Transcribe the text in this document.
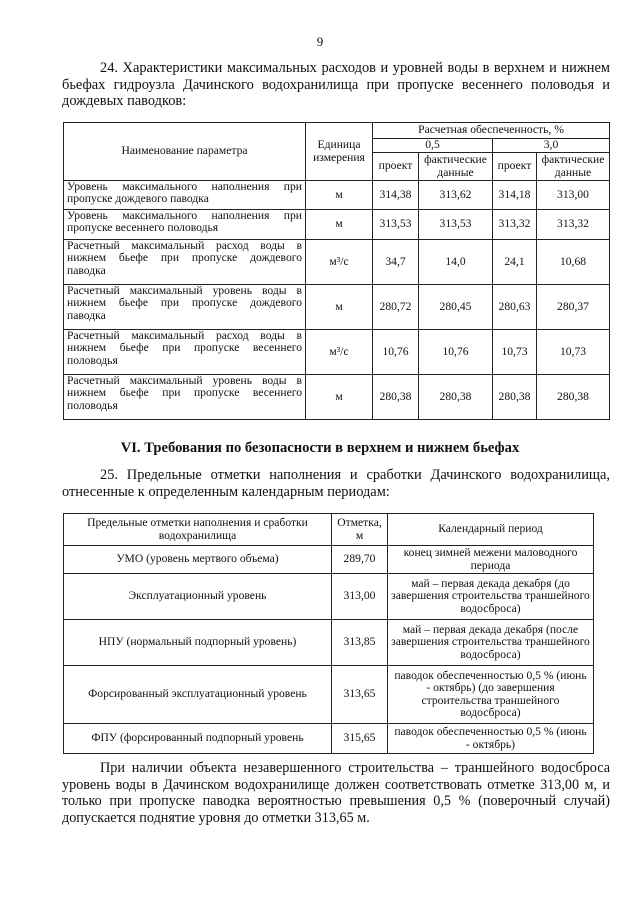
9
24. Характеристики максимальных расходов и уровней воды в верхнем и нижнем бьефах гидроузла Дачинского водохранилища при пропуске весеннего половодья и дождевых паводков:
Наименование параметра	Единица измерения	Расчетная обеспеченность, %			
		0,5		3,0	
		проект	фактические данные	проект	фактические данные
Уровень максимального наполнения при пропуске дождевого паводка	м	314,38	313,62	314,18	313,00
Уровень максимального наполнения при пропуске весеннего половодья	м	313,53	313,53	313,32	313,32
Расчетный максимальный расход воды в нижнем бьефе при пропуске дождевого паводка	м³/с	34,7	14,0	24,1	10,68
Расчетный максимальный уровень воды в нижнем бьефе при пропуске дождевого паводка	м	280,72	280,45	280,63	280,37
Расчетный максимальный расход воды в нижнем бьефе при пропуске весеннего половодья	м³/с	10,76	10,76	10,73	10,73
Расчетный максимальный уровень воды в нижнем бьефе при пропуске весеннего половодья	м	280,38	280,38	280,38	280,38
VI. Требования по безопасности в верхнем и нижнем бьефах
25. Предельные отметки наполнения и сработки Дачинского водохранилища, отнесенные к определенным календарным периодам:
Предельные отметки наполнения и сработки водохранилища	Отметка, м	Календарный период
УМО (уровень мертвого объема)	289,70	конец зимней межени маловодного периода
Эксплуатационный уровень	313,00	май – первая декада декабря (до завершения строительства траншейного водосброса)
НПУ (нормальный подпорный уровень)	313,85	май – первая декада декабря (после завершения строительства траншейного водосброса)
Форсированный эксплуатационный уровень	313,65	паводок обеспеченностью 0,5 % (июнь - октябрь) (до завершения строительства траншейного водосброса)
ФПУ (форсированный подпорный уровень	315,65	паводок обеспеченностью 0,5 % (июнь - октябрь)
При наличии объекта незавершенного строительства – траншейного водосброса уровень воды в Дачинском водохранилище должен соответствовать отметке 313,00 м, и только при пропуске паводка вероятностью превышения 0,5 % (поверочный случай) допускается поднятие уровня до отметки 313,65 м.
